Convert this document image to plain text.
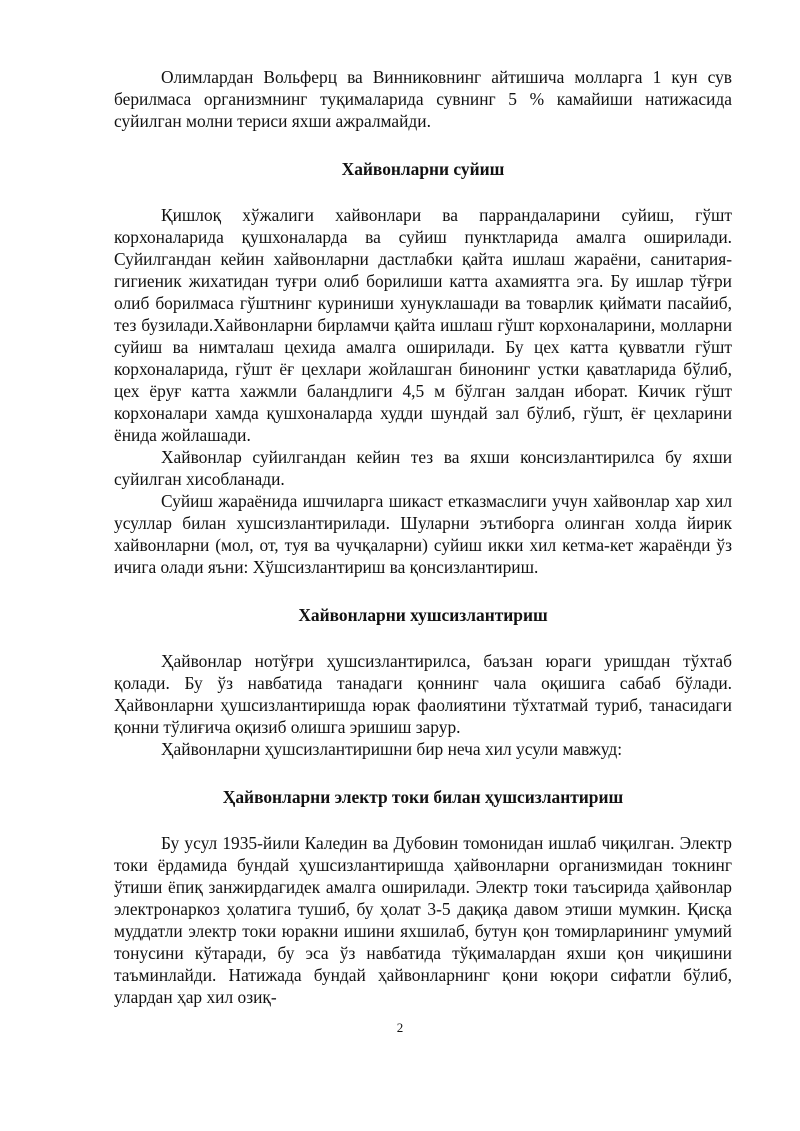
Олимлардан Вольферц ва Винниковнинг айтишича молларга 1 кун сув берилмаса организмнинг туқималарида сувнинг 5 % камайиши натижасида суйилган молни териси яхши ажралмайди.

Хайвонларни суйиш

Қишлоқ хўжалиги хайвонлари ва паррандаларини суйиш, гўшт корхоналарида қушхоналарда ва суйиш пунктларида амалга оширилади. Суйилгандан кейин хайвонларни дастлабки қайта ишлаш жараёни, санитария-гигиеник жихатидан туғри олиб борилиши катта ахамиятга эга. Бу ишлар тўғри олиб борилмаса гўштнинг куриниши хунуклашади ва товарлик қиймати пасайиб, тез бузилади.Хайвонларни бирламчи қайта ишлаш гўшт корхоналарини, молларни суйиш ва нимталаш цехида амалга оширилади. Бу цех катта қувватли гўшт корхоналарида, гўшт ёғ цехлари жойлашган бинонинг устки қаватларида бўлиб, цех ёруғ катта хажмли баландлиги 4,5 м бўлган залдан иборат. Кичик гўшт корхоналари хамда қушхоналарда худди шундай зал бўлиб, гўшт, ёғ цехларини ёнида жойлашади.

Хайвонлар суйилгандан кейин тез ва яхши консизлантирилса бу яхши суйилган хисобланади.

Суйиш жараёнида ишчиларга шикаст етказмаслиги учун хайвонлар хар хил усуллар билан хушсизлантирилади. Шуларни эътиборга олинган холда йирик хайвонларни (мол, от, туя ва чучқаларни) суйиш икки хил кетма-кет жараёнди ўз ичига олади яъни: Хўшсизлантириш ва қонсизлантириш.

Хайвонларни хушсизлантириш

Ҳайвонлар нотўғри ҳушсизлантирилса, баъзан юраги уришдан тўхтаб қолади. Бу ўз навбатида танадаги қоннинг чала оқишига сабаб бўлади. Ҳайвонларни ҳушсизлантиришда юрак фаолиятини тўхтатмай туриб, танасидаги қонни тўлиғича оқизиб олишга эришиш зарур.

Ҳайвонларни ҳушсизлантиришни бир неча хил усули мавжуд:

Ҳайвонларни электр токи билан ҳушсизлантириш

Бу усул 1935-йили Каледин ва Дубовин томонидан ишлаб чиқилган. Электр токи ёрдамида бундай ҳушсизлантиришда ҳайвонларни организмидан токнинг ўтиши ёпиқ занжирдагидек амалга оширилади. Электр токи таъсирида ҳайвонлар электронаркоз ҳолатига тушиб, бу ҳолат 3-5 дақиқа давом этиши мумкин. Қисқа муддатли электр токи юракни ишини яхшилаб, бутун қон томирларининг умумий тонусини кўтаради, бу эса ўз навбатида тўқималардан яхши қон чиқишини таъминлайди. Натижада бундай ҳайвонларнинг қони юқори сифатли бўлиб, улардан ҳар хил озиқ-

2
